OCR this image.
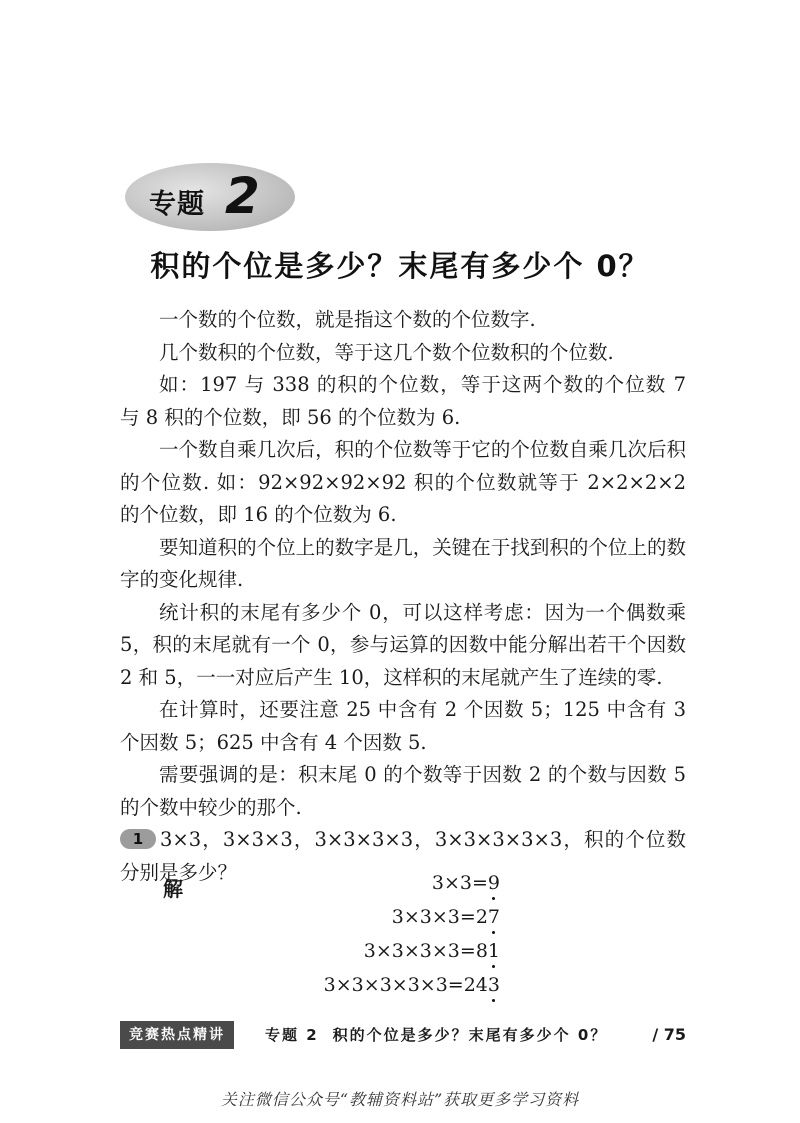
专题 2
积的个位是多少？末尾有多少个 0？

一个数的个位数，就是指这个数的个位数字.

几个数积的个位数，等于这几个数个位数积的个位数.

如：197 与 338 的积的个位数，等于这两个数的个位数 7 与 8 积的个位数，即 56 的个位数为 6.

一个数自乘几次后，积的个位数等于它的个位数自乘几次后积的个位数. 如：92×92×92×92 积的个位数就等于 2×2×2×2 的个位数，即 16 的个位数为 6.

要知道积的个位上的数字是几，关键在于找到积的个位上的数字的变化规律.

统计积的末尾有多少个 0，可以这样考虑：因为一个偶数乘 5，积的末尾就有一个 0，参与运算的因数中能分解出若干个因数 2 和 5，一一对应后产生 10，这样积的末尾就产生了连续的零.

在计算时，还要注意 25 中含有 2 个因数 5；125 中含有 3 个因数 5；625 中含有 4 个因数 5.

需要强调的是：积末尾 0 的个数等于因数 2 的个数与因数 5 的个数中较少的那个.

1 3×3，3×3×3，3×3×3×3，3×3×3×3×3，积的个位数分别是多少？

解	3×3=9
3×3×3=27
3×3×3×3=81
3×3×3×3×3=243
竞赛热点精讲	专题 2 积的个位是多少？末尾有多少个 0？	/ 75
关注微信公众号“教辅资料站”获取更多学习资料
